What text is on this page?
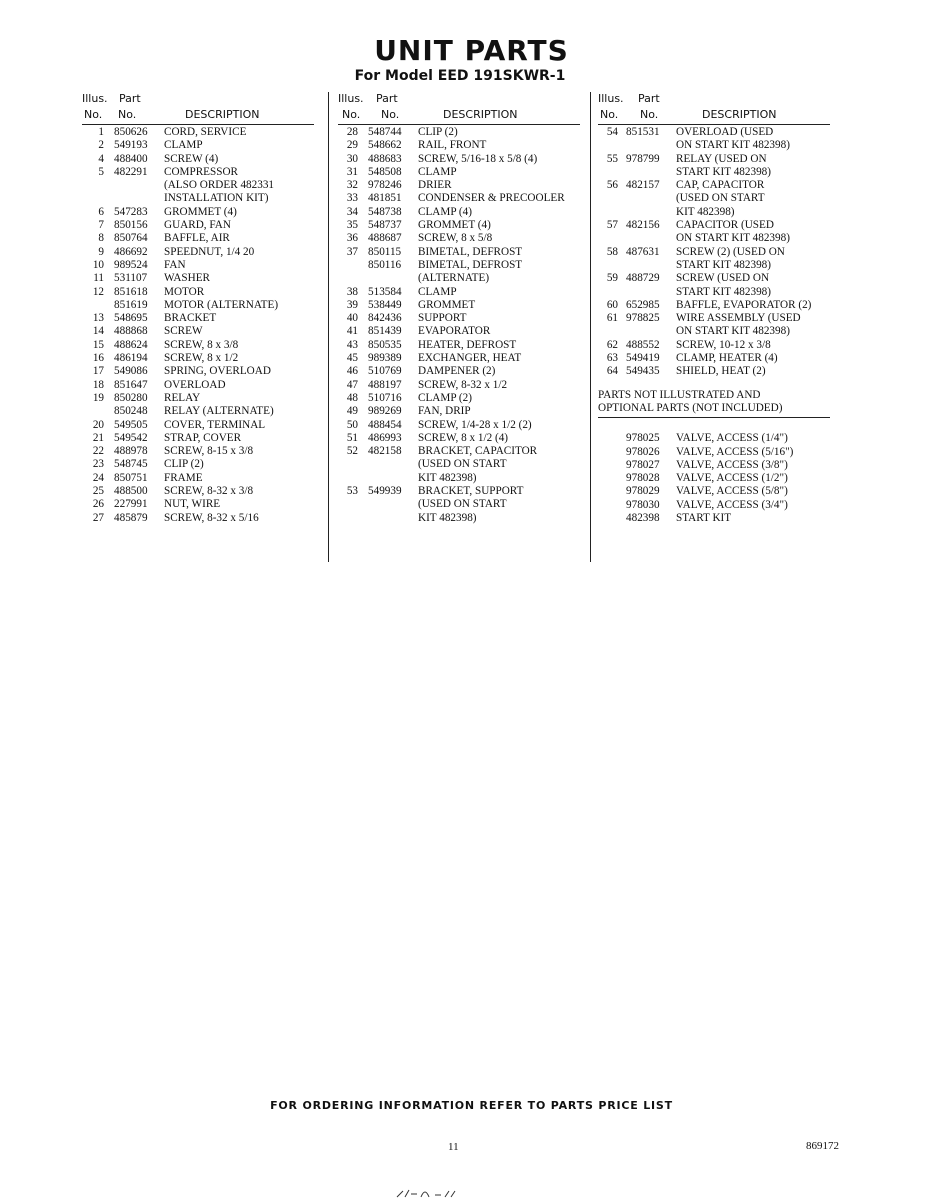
UNIT PARTS
For Model EED 191SKWR-1
Illus. Part
No. No.	DESCRIPTION
1 850626 CORD, SERVICE
2 549193 CLAMP
4 488400 SCREW (4)
5 482291 COMPRESSOR
(ALSO ORDER 482331
INSTALLATION KIT)
6 547283 GROMMET (4)
7 850156 GUARD, FAN
8 850764 BAFFLE, AIR
9 486692 SPEEDNUT, 1/4 20
10 989524 FAN
11 531107 WASHER
12 851618 MOTOR
851619 MOTOR (ALTERNATE)
13 548695 BRACKET
14 488868 SCREW
15 488624 SCREW, 8 x 3/8
16 486194 SCREW, 8 x 1/2
17 549086 SPRING, OVERLOAD
18 851647 OVERLOAD
19 850280 RELAY
850248 RELAY (ALTERNATE)
20 549505 COVER, TERMINAL
21 549542 STRAP, COVER
22 488978 SCREW, 8-15 x 3/8
23 548745 CLIP (2)
24 850751 FRAME
25 488500 SCREW, 8-32 x 3/8
26 227991 NUT, WIRE
27 485879 SCREW, 8-32 x 5/16
Illus. Part
No. No.	DESCRIPTION
28 548744 CLIP (2)
29 548662 RAIL, FRONT
30 488683 SCREW, 5/16-18 x 5/8 (4)
31 548508 CLAMP
32 978246 DRIER
33 481851 CONDENSER & PRECOOLER
34 548738 CLAMP (4)
35 548737 GROMMET (4)
36 488687 SCREW, 8 x 5/8
37 850115 BIMETAL, DEFROST
850116 BIMETAL, DEFROST
(ALTERNATE)
38 513584 CLAMP
39 538449 GROMMET
40 842436 SUPPORT
41 851439 EVAPORATOR
43 850535 HEATER, DEFROST
45 989389 EXCHANGER, HEAT
46 510769 DAMPENER (2)
47 488197 SCREW, 8-32 x 1/2
48 510716 CLAMP (2)
49 989269 FAN, DRIP
50 488454 SCREW, 1/4-28 x 1/2 (2)
51 486993 SCREW, 8 x 1/2 (4)
52 482158 BRACKET, CAPACITOR
(USED ON START
KIT 482398)
53 549939 BRACKET, SUPPORT
(USED ON START
KIT 482398)
Illus. Part
No. No.	DESCRIPTION
54 851531 OVERLOAD (USED
ON START KIT 482398)
55 978799 RELAY (USED ON
START KIT 482398)
56 482157 CAP, CAPACITOR
(USED ON START
KIT 482398)
57 482156 CAPACITOR (USED
ON START KIT 482398)
58 487631 SCREW (2) (USED ON
START KIT 482398)
59 488729 SCREW (USED ON
START KIT 482398)
60 652985 BAFFLE, EVAPORATOR (2)
61 978825 WIRE ASSEMBLY (USED
ON START KIT 482398)
62 488552 SCREW, 10-12 x 3/8
63 549419 CLAMP, HEATER (4)
64 549435 SHIELD, HEAT (2)
PARTS NOT ILLUSTRATED AND
OPTIONAL PARTS (NOT INCLUDED)
978025 VALVE, ACCESS (1/4")
978026 VALVE, ACCESS (5/16")
978027 VALVE, ACCESS (3/8")
978028 VALVE, ACCESS (1/2")
978029 VALVE, ACCESS (5/8")
978030 VALVE, ACCESS (3/4")
482398 START KIT
FOR ORDERING INFORMATION REFER TO PARTS PRICE LIST
11	869172
